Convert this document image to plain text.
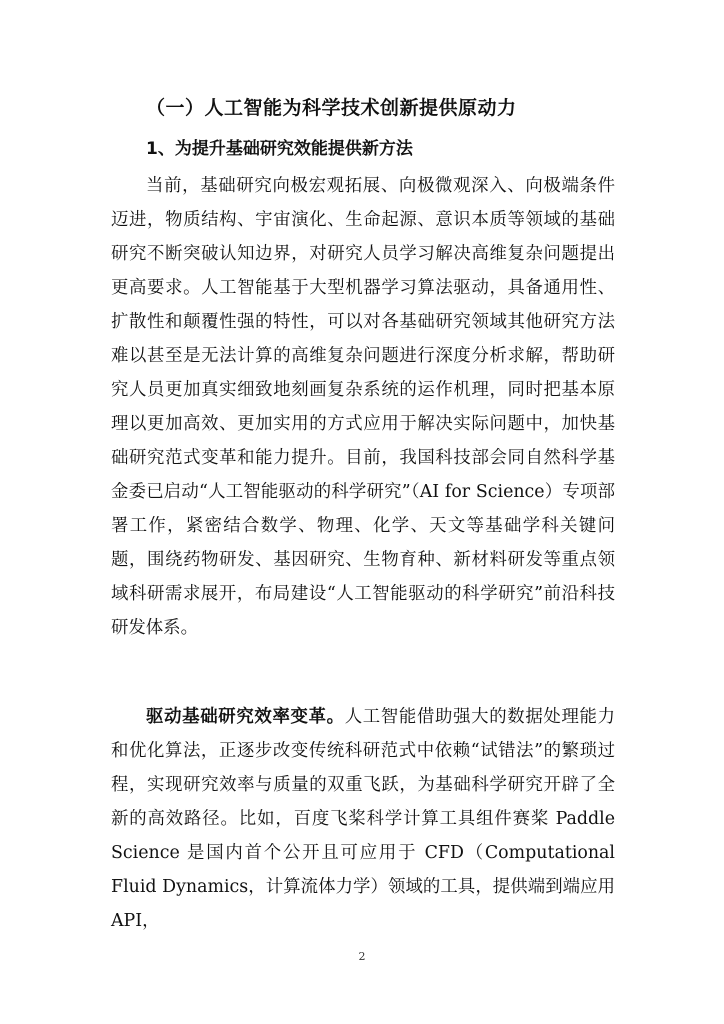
（一）人工智能为科学技术创新提供原动力
1、为提升基础研究效能提供新方法

当前，基础研究向极宏观拓展、向极微观深入、向极端条件迈进，物质结构、宇宙演化、生命起源、意识本质等领域的基础研究不断突破认知边界，对研究人员学习解决高维复杂问题提出更高要求。人工智能基于大型机器学习算法驱动，具备通用性、扩散性和颠覆性强的特性，可以对各基础研究领域其他研究方法难以甚至是无法计算的高维复杂问题进行深度分析求解，帮助研究人员更加真实细致地刻画复杂系统的运作机理，同时把基本原理以更加高效、更加实用的方式应用于解决实际问题中，加快基础研究范式变革和能力提升。目前，我国科技部会同自然科学基金委已启动“人工智能驱动的科学研究”（AI for Science）专项部署工作，紧密结合数学、物理、化学、天文等基础学科关键问题，围绕药物研发、基因研究、生物育种、新材料研发等重点领域科研需求展开，布局建设“人工智能驱动的科学研究”前沿科技研发体系。

驱动基础研究效率变革。人工智能借助强大的数据处理能力和优化算法，正逐步改变传统科研范式中依赖“试错法”的繁琐过程，实现研究效率与质量的双重飞跃，为基础科学研究开辟了全新的高效路径。比如，百度飞桨科学计算工具组件赛桨 Paddle Science 是国内首个公开且可应用于 CFD（Computational Fluid Dynamics，计算流体力学）领域的工具，提供端到端应用 API，

2
